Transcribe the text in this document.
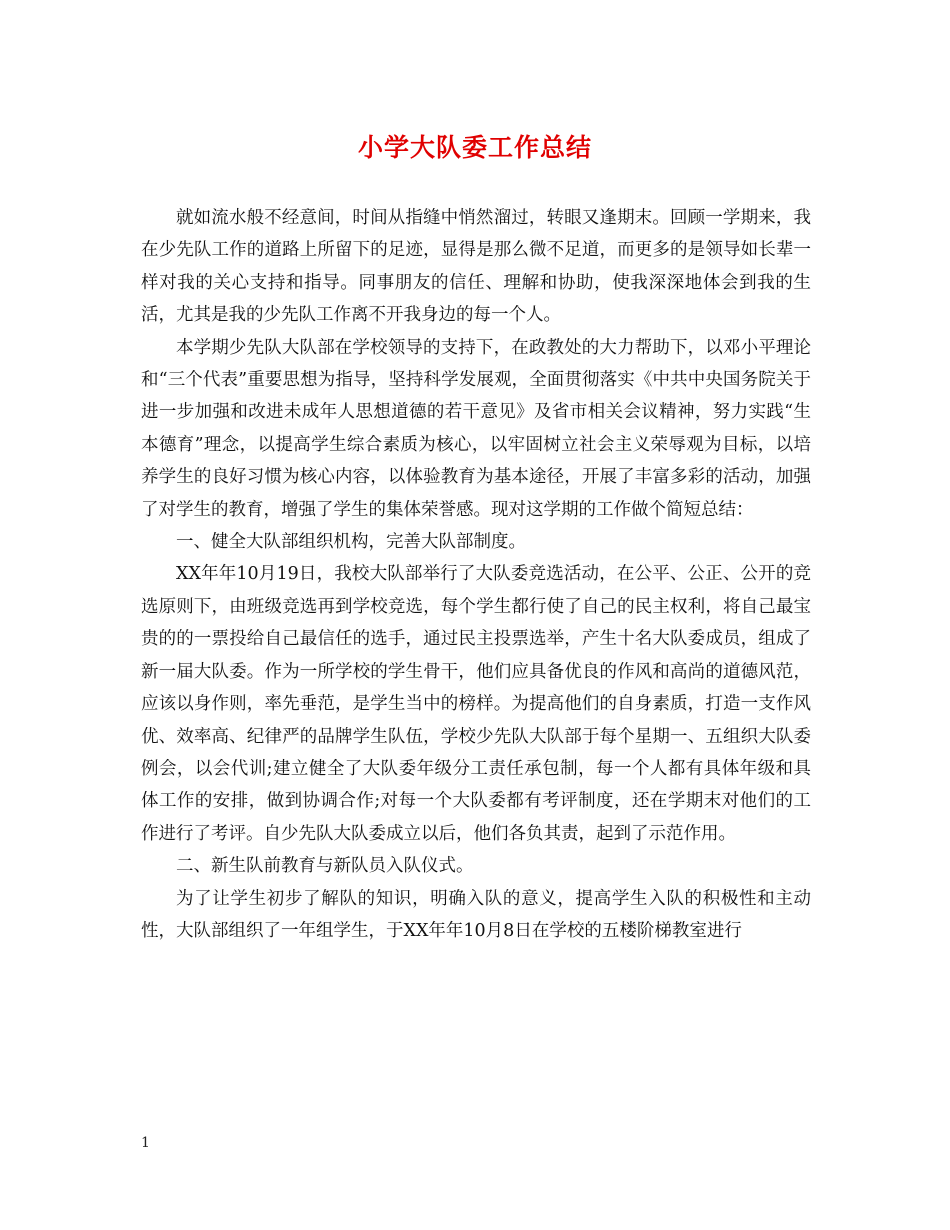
小学大队委工作总结

就如流水般不经意间，时间从指缝中悄然溜过，转眼又逢期末。回顾一学期来，我在少先队工作的道路上所留下的足迹，显得是那么微不足道，而更多的是领导如长辈一样对我的关心支持和指导。同事朋友的信任、理解和协助，使我深深地体会到我的生活，尤其是我的少先队工作离不开我身边的每一个人。

本学期少先队大队部在学校领导的支持下，在政教处的大力帮助下，以邓小平理论和“三个代表”重要思想为指导，坚持科学发展观，全面贯彻落实《中共中央国务院关于进一步加强和改进未成年人思想道德的若干意见》及省市相关会议精神，努力实践“生本德育”理念，以提高学生综合素质为核心，以牢固树立社会主义荣辱观为目标，以培养学生的良好习惯为核心内容，以体验教育为基本途径，开展了丰富多彩的活动，加强了对学生的教育，增强了学生的集体荣誉感。现对这学期的工作做个简短总结：

一、健全大队部组织机构，完善大队部制度。

XX年年10月19日，我校大队部举行了大队委竞选活动，在公平、公正、公开的竞选原则下，由班级竞选再到学校竞选，每个学生都行使了自己的民主权利，将自己最宝贵的的一票投给自己最信任的选手，通过民主投票选举，产生十名大队委成员，组成了新一届大队委。作为一所学校的学生骨干，他们应具备优良的作风和高尚的道德风范，应该以身作则，率先垂范，是学生当中的榜样。为提高他们的自身素质，打造一支作风优、效率高、纪律严的品牌学生队伍，学校少先队大队部于每个星期一、五组织大队委例会，以会代训;建立健全了大队委年级分工责任承包制，每一个人都有具体年级和具体工作的安排，做到协调合作;对每一个大队委都有考评制度，还在学期末对他们的工作进行了考评。自少先队大队委成立以后，他们各负其责，起到了示范作用。

二、新生队前教育与新队员入队仪式。

为了让学生初步了解队的知识，明确入队的意义，提高学生入队的积极性和主动性，大队部组织了一年组学生，于XX年年10月8日在学校的五楼阶梯教室进行

1
